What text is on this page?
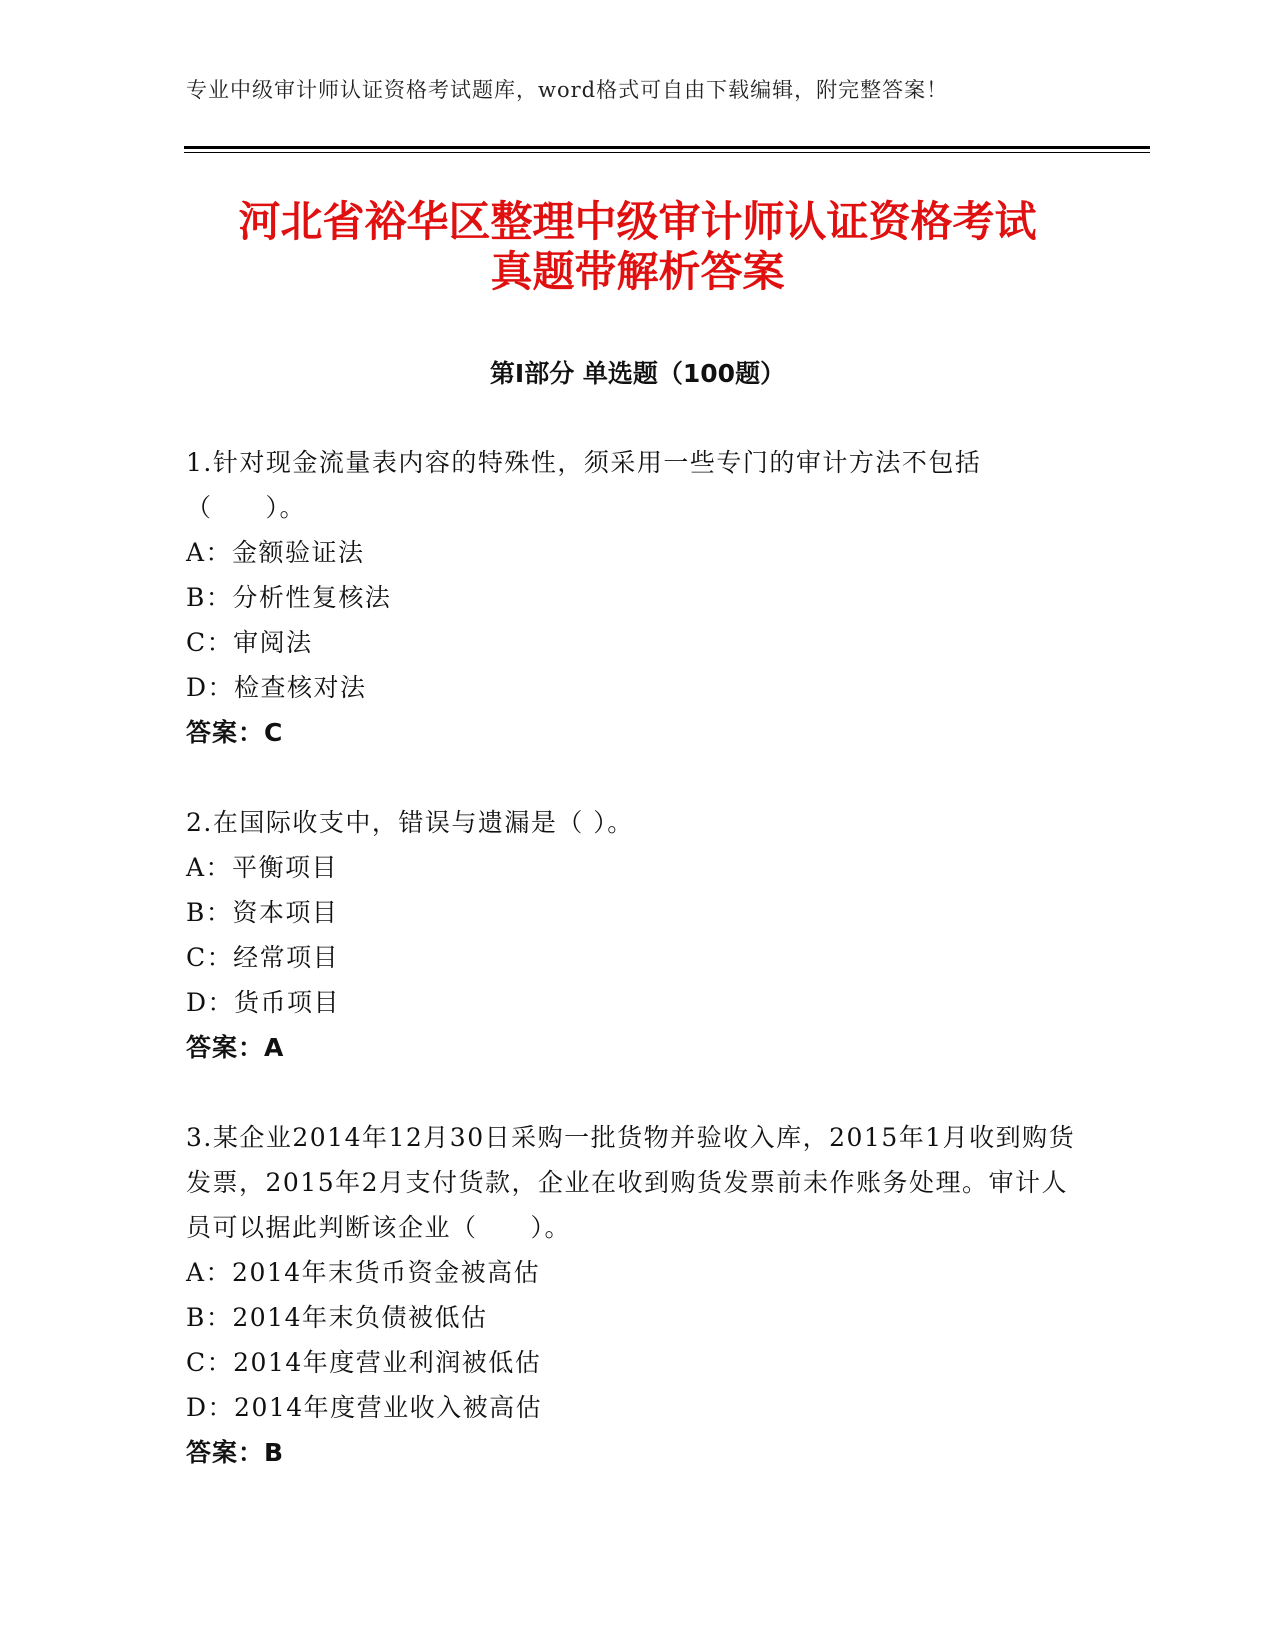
专业中级审计师认证资格考试题库，word格式可自由下载编辑，附完整答案！
河北省裕华区整理中级审计师认证资格考试
真题带解析答案
第Ⅰ部分 单选题（100题）
1.针对现金流量表内容的特殊性，须采用一些专门的审计方法不包括（　　）。
A：金额验证法
B：分析性复核法
C：审阅法
D：检查核对法
答案：C
2.在国际收支中，错误与遗漏是（ ）。
A：平衡项目
B：资本项目
C：经常项目
D：货币项目
答案：A
3.某企业2014年12月30日采购一批货物并验收入库，2015年1月收到购货发票，2015年2月支付货款，企业在收到购货发票前未作账务处理。审计人员可以据此判断该企业（　　）。
A：2014年末货币资金被高估
B：2014年末负债被低估
C：2014年度营业利润被低估
D：2014年度营业收入被高估
答案：B
